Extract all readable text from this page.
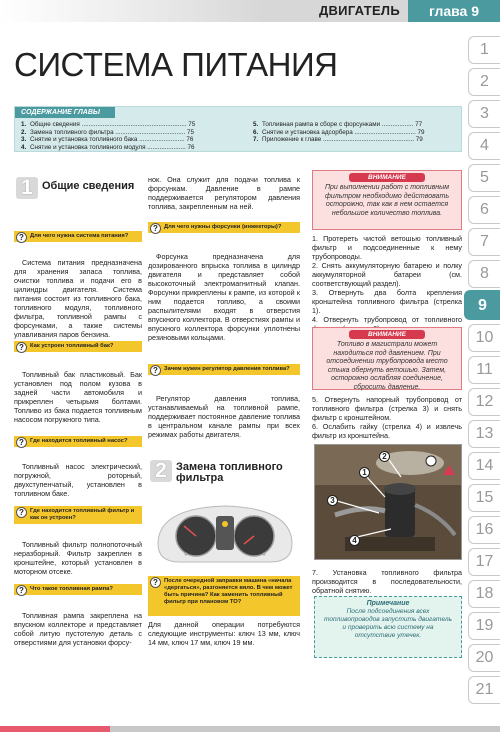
ДВИГАТЕЛЬ	глава 9
СИСТЕМА ПИТАНИЯ
СОДЕРЖАНИЕ ГЛАВЫ
1. Общие сведения ............................................................ 75
2. Замена топливного фильтра ........................................ 75
3. Снятие и установка топливного бака .......................... 76
4. Снятие и установка топливного модуля ...................... 76
5. Топливная рампа в сборе с форсунками .................. 77
6. Снятие и установка адсорбера ................................... 79
7. Приложение к главе .................................................... 79
1
2
3
4
5
6
7
8
9
10
11
12
13
14
15
16
17
18
19
20
21
1 Общие сведения
?	Для чего нужна система питания?

Система питания предназначена для хранения запаса топлива, очистки топлива и подачи его в цилиндры двигателя. Система питания состоит из топливного бака, топливного модуля, топливного фильтра, топливной рампы с форсунками, а также системы улавливания паров бензина.

?	Как устроен топливный бак?

Топливный бак пластиковый. Бак установлен под полом кузова в задней части автомобиля и прикреплен четырьмя болтами. Топливо из бака подается топливным насосом погружного типа.

?	Где находится топливный насос?

Топливный насос электрический, погружной, роторный, двухступенчатый, установлен в топливном баке.

?	Где находится топливный фильтр и как он устроен?

Топливный фильтр полнопоточный неразборный. Фильтр закреплен в кронштейне, который установлен в моторном отсеке.

?	Что такое топливная рампа?

Топливная рампа закреплена на впускном коллекторе и представляет собой литую пустотелую деталь с отверстиями для установки форсу-

нок. Она служит для подачи топлива к форсункам. Давление в рампе поддерживается регулятором давления топлива, закрепленным на ней.

?	Для чего нужны форсунки (инжекторы)?

Форсунка предназначена для дозированного впрыска топлива в цилиндр двигателя и представляет собой высокоточный электромагнитный клапан. Форсунки прикреплены к рампе, из которой к ним подается топливо, а своими распылителями входят в отверстия впускного коллектора. В отверстиях рампы и впускного коллектора форсунки уплотнены резиновыми кольцами.

?	Зачем нужен регулятор давления топлива?

Регулятор давления топлива, устанавливаемый на топливной рампе, поддерживает постоянное давление топлива в центральном канале рампы при всех режимах работы двигателя.

2 Замена топливного фильтра
?	После очередной заправки машина «начала «дергаться», разгоняется вяло. В чем может быть причина? Как заменить топливный фильтр при плановом ТО?

Для данной операции потребуются следующие инструменты: ключ 13 мм, ключ 14 мм, ключ 17 мм, ключ 19 мм.

ВНИМАНИЕ
При выполнении работ с топливным фильтром необходимо действовать осторожно, так как в нем остается небольшое количество топлива.
1. Протереть чистой ветошью топливный фильтр и подсоединенные к нему трубопроводы.
2. Снять аккумуляторную батарею и полку аккумуляторной батареи (см. соответствующий раздел).
3. Отвернуть два болта крепления кронштейна топливного фильтра (стрелка 1).
4. Отвернуть трубопровод от топливного
ВНИМАНИЕ
Топливо в магистрали может находиться под давлением. При отсоединении трубопровода место стыка обернуть ветошью. Затем, осторожно ослабляя соединение, сбросить давление.
5. Отвернуть напорный трубопровод от топливного фильтра (стрелка 3) и снять фильтр с кронштейном.
6. Ослабить гайку (стрелка 4) и извлечь фильтр из кронштейна.
1
2
3
4
7. Установка топливного фильтра производится в последовательности, обратной снятию.
Примечание
После подсоединения всех топливопроводов запустить двигатель и проверить всю систему на отсутствие утечек.
